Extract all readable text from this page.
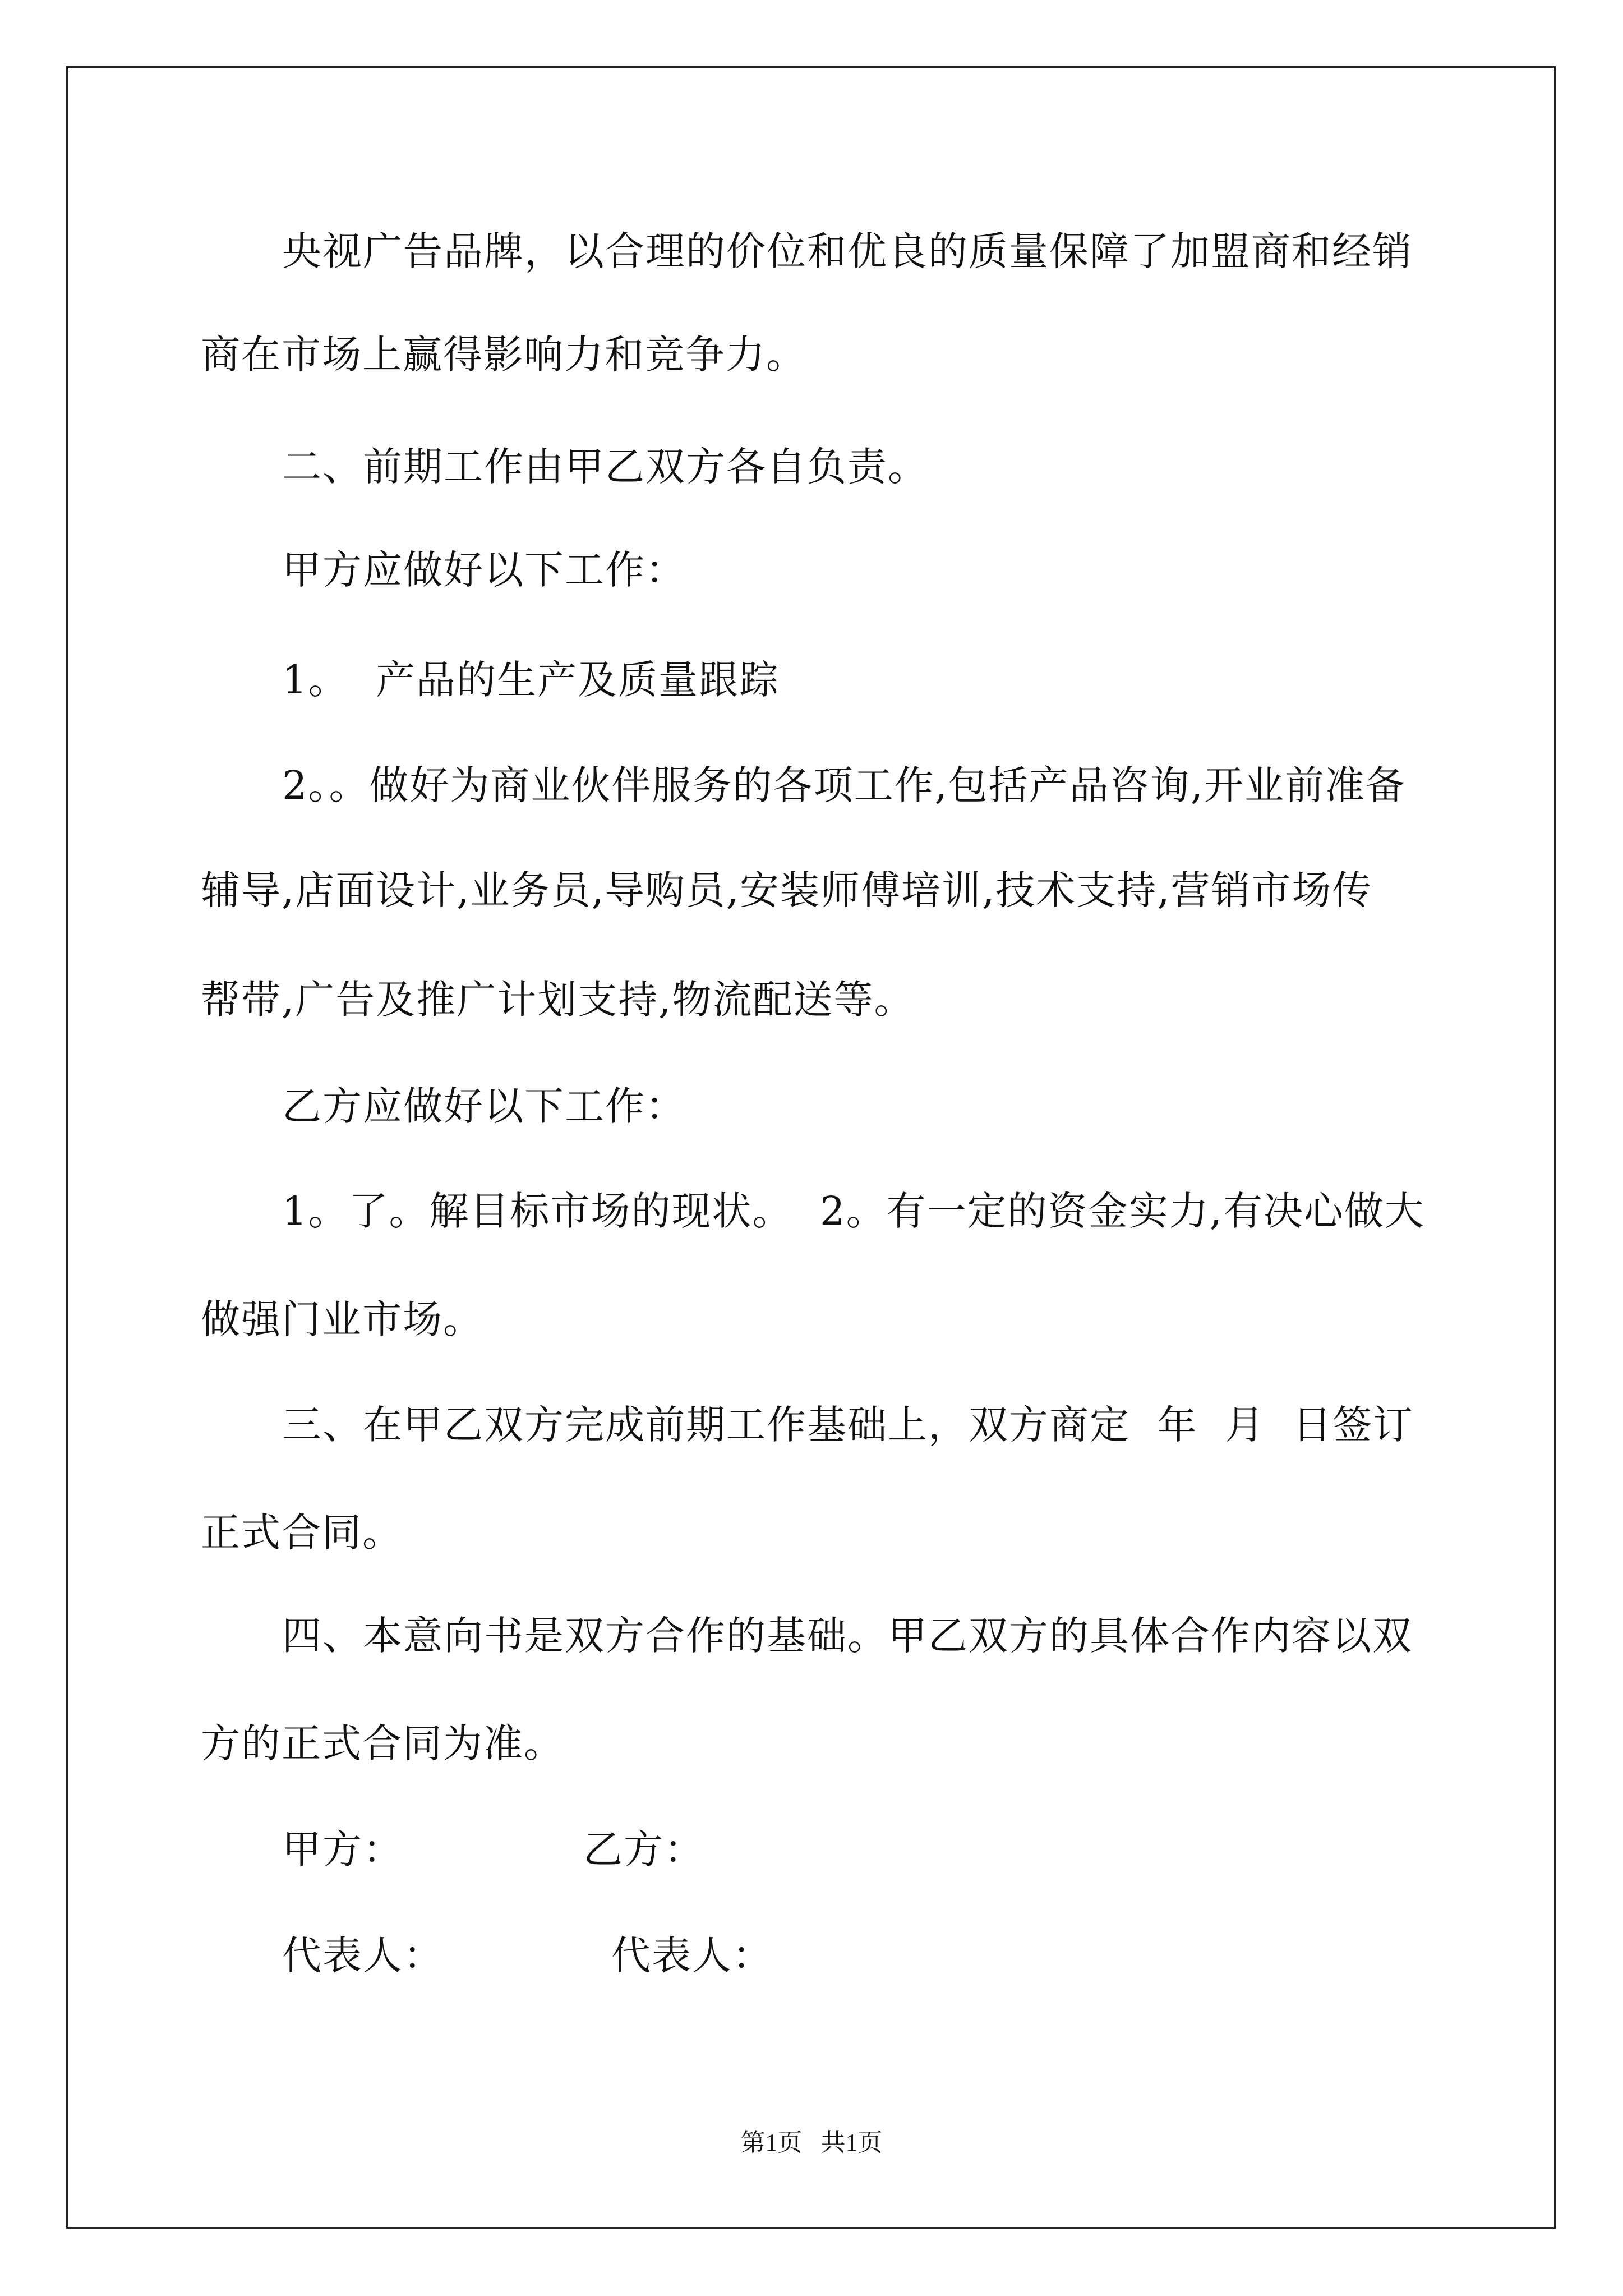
央视广告品牌，以合理的价位和优良的质量保障了加盟商和经销
商在市场上赢得影响力和竞争力。
二、前期工作由甲乙双方各自负责。
甲方应做好以下工作：
1。  产品的生产及质量跟踪
2。。做好为商业伙伴服务的各项工作,包括产品咨询,开业前准备
辅导,店面设计,业务员,导购员,安装师傅培训,技术支持,营销市场传
帮带,广告及推广计划支持,物流配送等。
乙方应做好以下工作：
1。了。解目标市场的现状。  2。有一定的资金实力,有决心做大
做强门业市场。
三、在甲乙双方完成前期工作基础上，双方商定  年  月  日签订
正式合同。
四、本意向书是双方合作的基础。甲乙双方的具体合作内容以双
方的正式合同为准。
甲方：	乙方：
代表人：	代表人：
第1页   共1页
